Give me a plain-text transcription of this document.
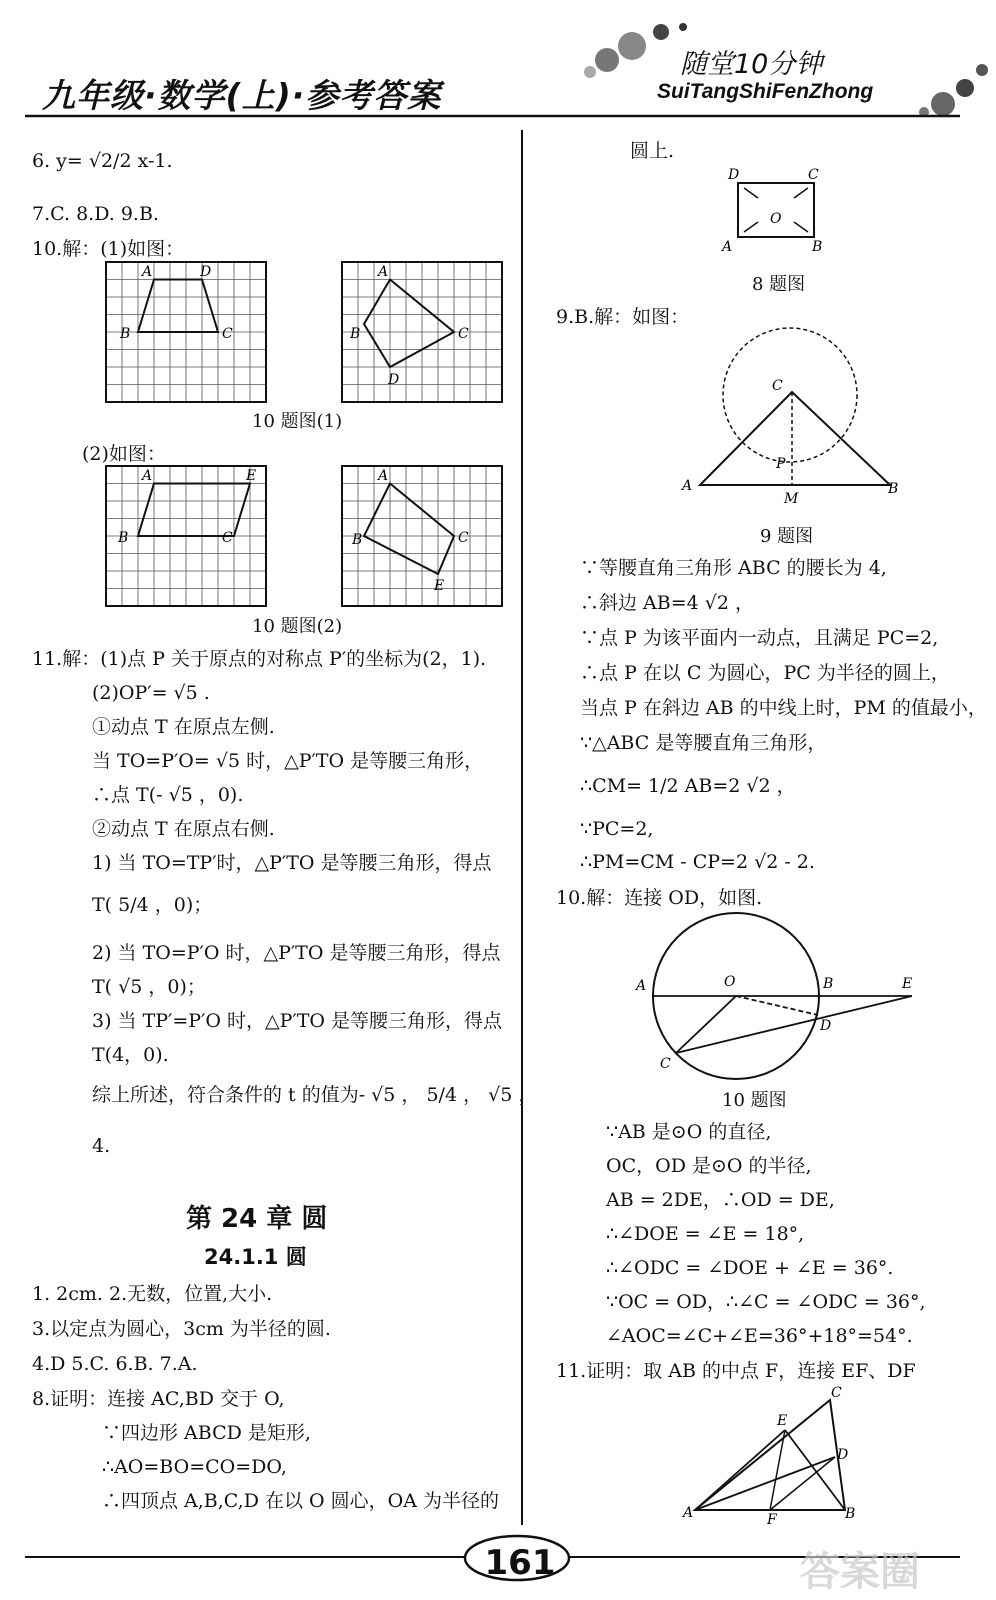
九年级·数学(上)·参考答案
随堂10分钟
SuiTangShiFenZhong
6. y= √2/2 x-1.
7.C. 8.D. 9.B.
10.解：(1)如图：
A	D
B	C
A
C
B
D
10 题图(1)
(2)如图：
A	E
B	C
A
C
B
E
10 题图(2)
11.解：(1)点 P 关于原点的对称点 P′的坐标为(2，1).
(2)OP′= √5 .
①动点 T 在原点左侧.
当 TO=P′O= √5 时，△P′TO 是等腰三角形，
∴点 T(- √5 ，0).
②动点 T 在原点右侧.
1) 当 TO=TP′时，△P′TO 是等腰三角形，得点
T( 5/4 ，0)；
2) 当 TO=P′O 时，△P′TO 是等腰三角形，得点
T( √5 ，0)；
3) 当 TP′=P′O 时，△P′TO 是等腰三角形，得点
T(4，0).
综上所述，符合条件的 t 的值为- √5 ， 5/4 ， √5 ，
4.
第 24 章 圆
24.1.1 圆
1. 2cm. 2.无数，位置,大小.
3.以定点为圆心，3cm 为半径的圆.
4.D 5.C. 6.B. 7.A.
8.证明：连接 AC,BD 交于 O,
∵四边形 ABCD 是矩形,
∴AO=BO=CO=DO,
∴四顶点 A,B,C,D 在以 O 圆心，OA 为半径的
圆上.
D	C
O
A	B
8 题图
9.B.解：如图：
C
P
A	B
M
9 题图
∵等腰直角三角形 ABC 的腰长为 4,
∴斜边 AB=4 √2 ，
∵点 P 为该平面内一动点，且满足 PC=2,
∴点 P 在以 C 为圆心，PC 为半径的圆上，
当点 P 在斜边 AB 的中线上时，PM 的值最小，
∵△ABC 是等腰直角三角形，
∴CM= 1/2 AB=2 √2 ，
∵PC=2,
∴PM=CM - CP=2 √2 - 2.
10.解：连接 OD，如图.
A	O	B	E
D
C
10 题图
∵AB 是⊙O 的直径,
OC，OD 是⊙O 的半径,
AB = 2DE，∴OD = DE,
∴∠DOE = ∠E = 18°,
∴∠ODC = ∠DOE + ∠E = 36°.
∵OC = OD，∴∠C = ∠ODC = 36°,
∠AOC=∠C+∠E=36°+18°=54°.
11.证明：取 AB 的中点 F，连接 EF、DF
A	F	B
C
E
D
161	答案圈
